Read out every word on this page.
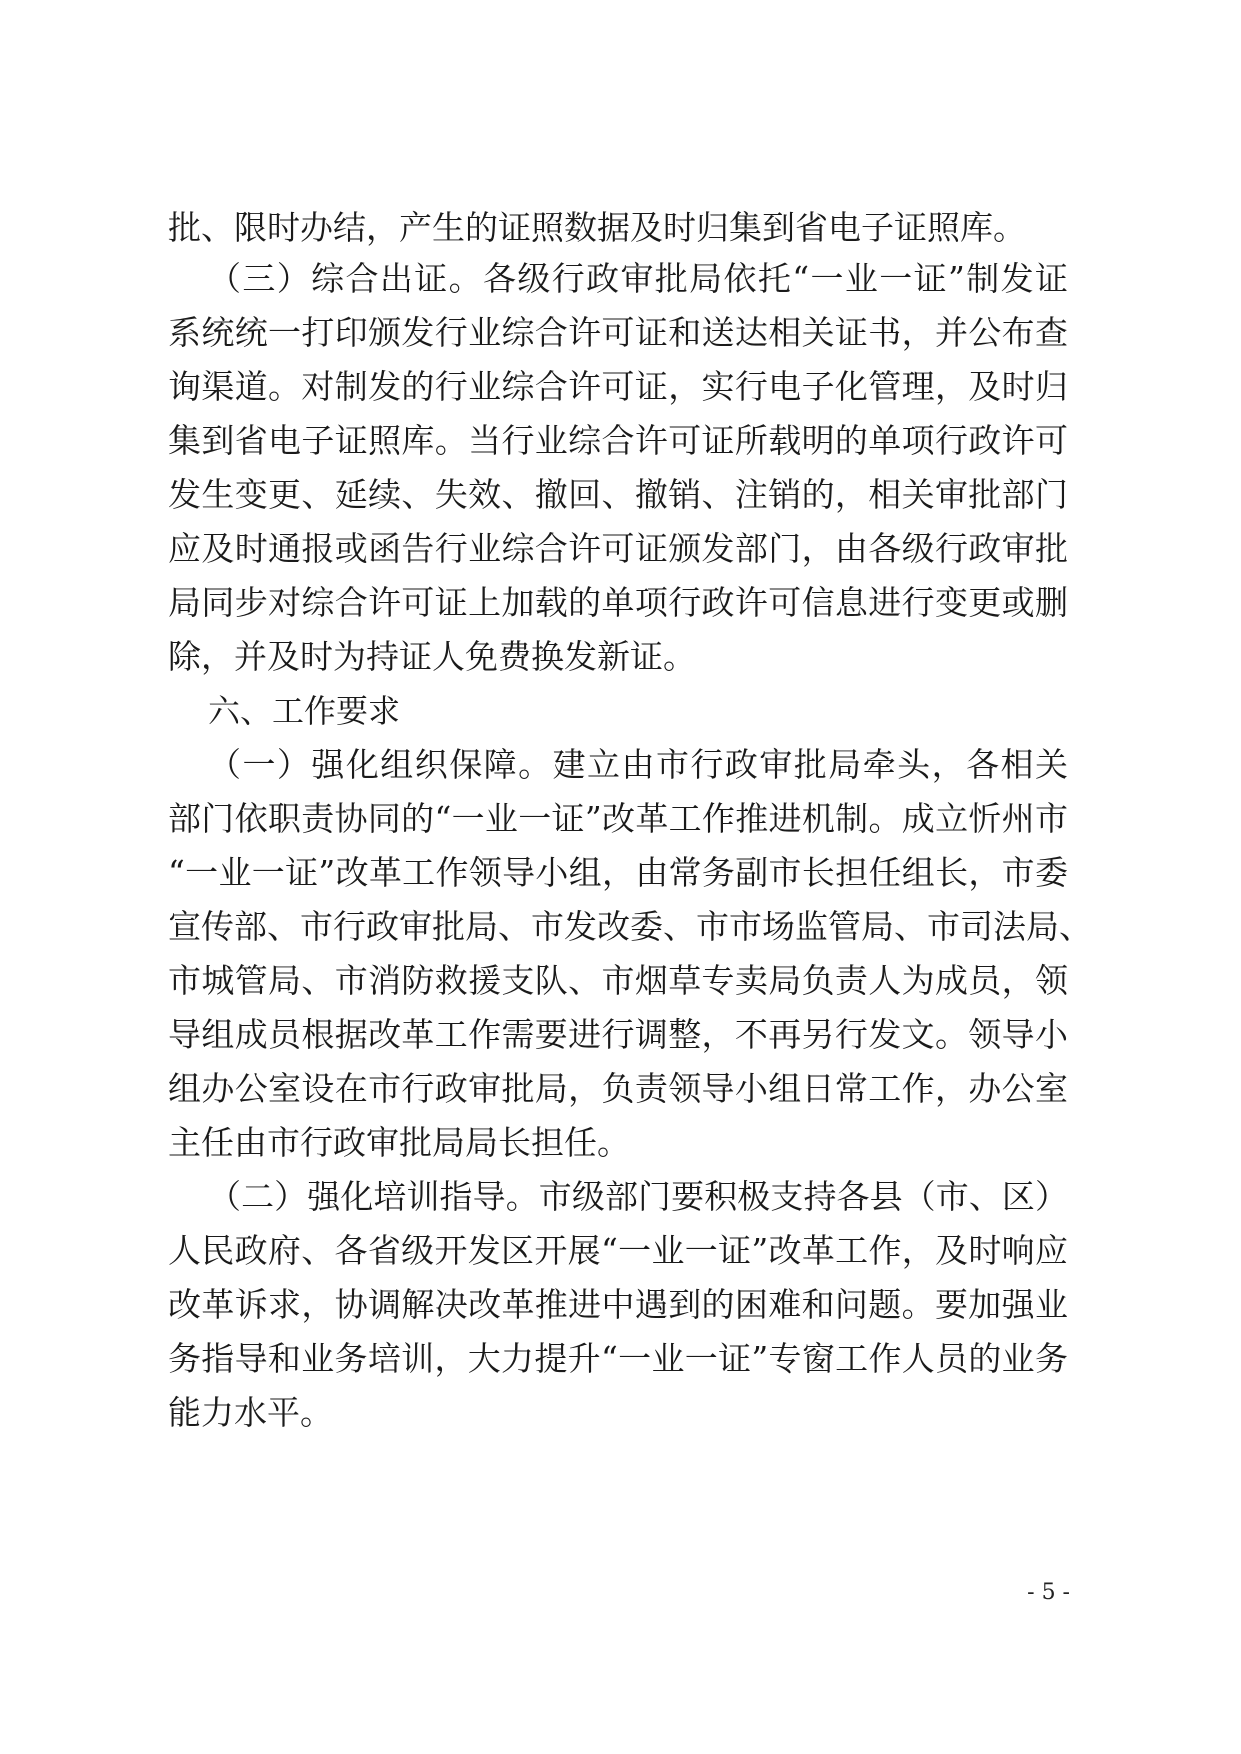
批、限时办结，产生的证照数据及时归集到省电子证照库。
（三）综合出证。各级行政审批局依托“一业一证”制发证
系统统一打印颁发行业综合许可证和送达相关证书，并公布查
询渠道。对制发的行业综合许可证，实行电子化管理，及时归
集到省电子证照库。当行业综合许可证所载明的单项行政许可
发生变更、延续、失效、撤回、撤销、注销的，相关审批部门
应及时通报或函告行业综合许可证颁发部门，由各级行政审批
局同步对综合许可证上加载的单项行政许可信息进行变更或删
除，并及时为持证人免费换发新证。
六、工作要求
（一）强化组织保障。建立由市行政审批局牵头，各相关
部门依职责协同的“一业一证”改革工作推进机制。成立忻州市
“一业一证”改革工作领导小组，由常务副市长担任组长，市委
宣传部、市行政审批局、市发改委、市市场监管局、市司法局、
市城管局、市消防救援支队、市烟草专卖局负责人为成员，领
导组成员根据改革工作需要进行调整，不再另行发文。领导小
组办公室设在市行政审批局，负责领导小组日常工作，办公室
主任由市行政审批局局长担任。
（二）强化培训指导。市级部门要积极支持各县（市、区）
人民政府、各省级开发区开展“一业一证”改革工作，及时响应
改革诉求，协调解决改革推进中遇到的困难和问题。要加强业
务指导和业务培训，大力提升“一业一证”专窗工作人员的业务
能力水平。
- 5 -
